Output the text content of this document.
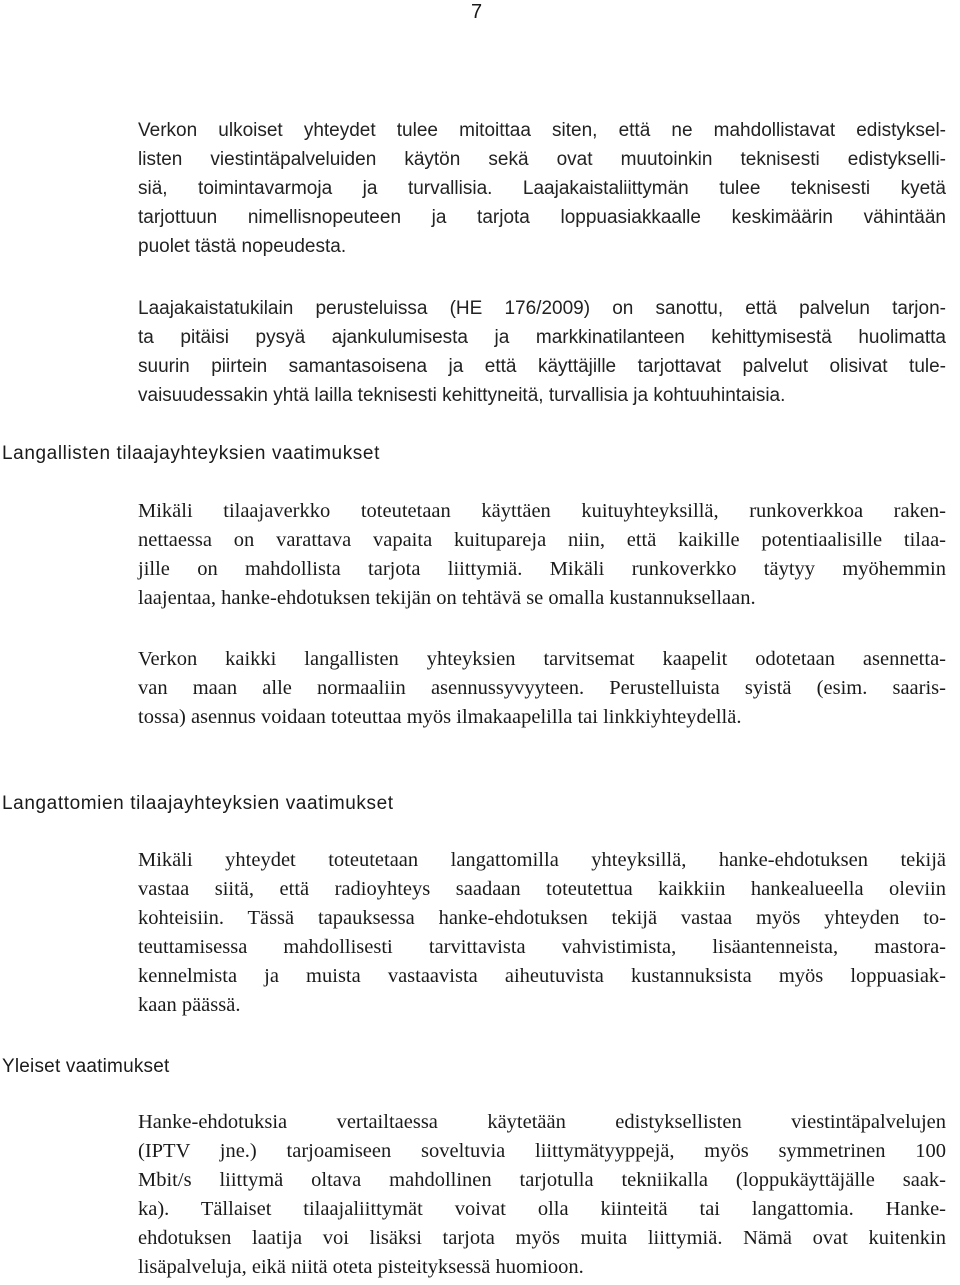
7

Verkon ulkoiset yhteydet tulee mitoittaa siten, että ne mahdollistavat edistyksel-
listen viestintäpalveluiden käytön sekä ovat muutoinkin teknisesti edistykselli-
siä, toimintavarmoja ja turvallisia. Laajakaistaliittymän tulee teknisesti kyetä
tarjottuun nimellisnopeuteen ja tarjota loppuasiakkaalle keskimäärin vähintään
puolet tästä nopeudesta.

Laajakaistatukilain perusteluissa (HE 176/2009) on sanottu, että palvelun tarjon-
ta pitäisi pysyä ajankulumisesta ja markkinatilanteen kehittymisestä huolimatta
suurin piirtein samantasoisena ja että käyttäjille tarjottavat palvelut olisivat tule-
vaisuudessakin yhtä lailla teknisesti kehittyneitä, turvallisia ja kohtuuhintaisia.

Langallisten tilaajayhteyksien vaatimukset

Mikäli tilaajaverkko toteutetaan käyttäen kuituyhteyksillä, runkoverkkoa raken-
nettaessa on varattava vapaita kuitupareja niin, että kaikille potentiaalisille tilaa-
jille on mahdollista tarjota liittymiä. Mikäli runkoverkko täytyy myöhemmin
laajentaa, hanke-ehdotuksen tekijän on tehtävä se omalla kustannuksellaan.

Verkon kaikki langallisten yhteyksien tarvitsemat kaapelit odotetaan asennetta-
van maan alle normaaliin asennussyvyyteen. Perustelluista syistä (esim. saaris-
tossa) asennus voidaan toteuttaa myös ilmakaapelilla tai linkkiyhteydellä.

Langattomien tilaajayhteyksien vaatimukset

Mikäli yhteydet toteutetaan langattomilla yhteyksillä, hanke-ehdotuksen tekijä
vastaa siitä, että radioyhteys saadaan toteutettua kaikkiin hankealueella oleviin
kohteisiin. Tässä tapauksessa hanke-ehdotuksen tekijä vastaa myös yhteyden to-
teuttamisessa mahdollisesti tarvittavista vahvistimista, lisäantenneista, mastora-
kennelmista ja muista vastaavista aiheutuvista kustannuksista myös loppuasiak-
kaan päässä.

Yleiset vaatimukset

Hanke-ehdotuksia vertailtaessa käytetään edistyksellisten viestintäpalvelujen
(IPTV jne.) tarjoamiseen soveltuvia liittymätyyppejä, myös symmetrinen 100
Mbit/s liittymä oltava mahdollinen tarjotulla tekniikalla (loppukäyttäjälle saak-
ka). Tällaiset tilaajaliittymät voivat olla kiinteitä tai langattomia. Hanke-
ehdotuksen laatija voi lisäksi tarjota myös muita liittymiä. Nämä ovat kuitenkin
lisäpalveluja, eikä niitä oteta pisteityksessä huomioon.
